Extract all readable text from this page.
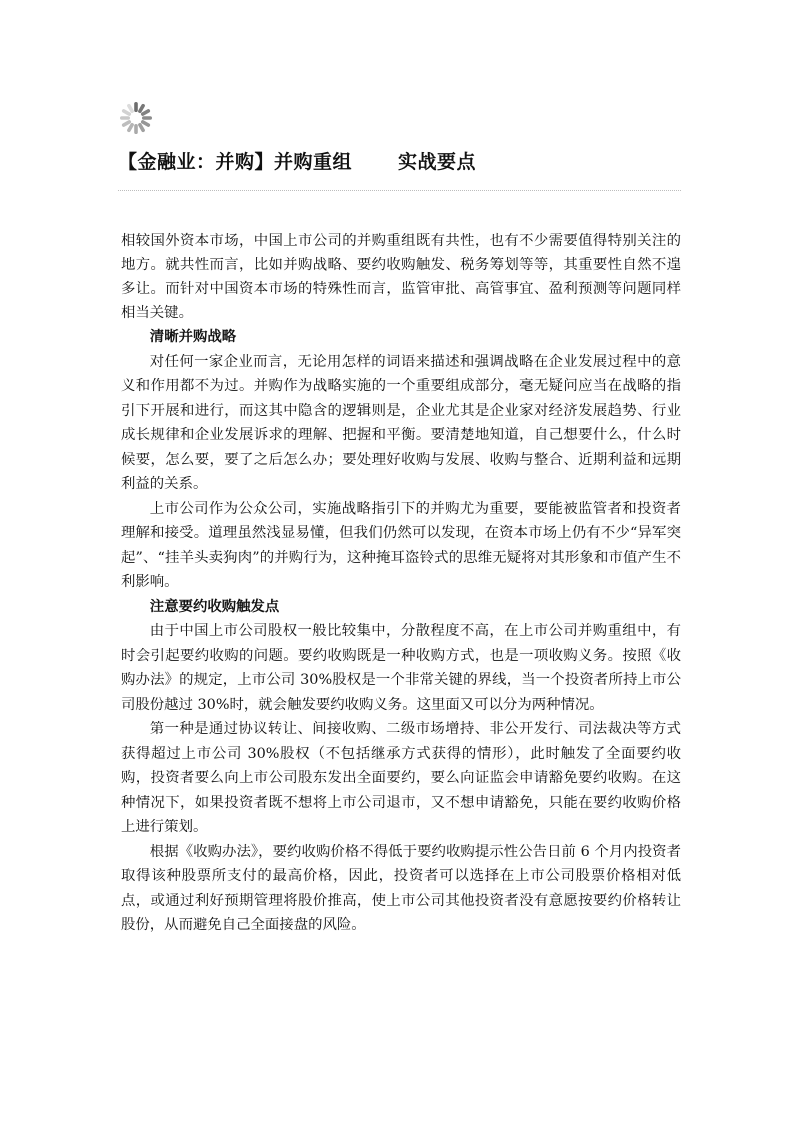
【金融业：并购】并购重组 实战要点

相较国外资本市场，中国上市公司的并购重组既有共性，也有不少需要值得特别关注的地方。就共性而言，比如并购战略、要约收购触发、税务筹划等等，其重要性自然不遑多让。而针对中国资本市场的特殊性而言，监管审批、高管事宜、盈利预测等问题同样相当关键。

清晰并购战略

对任何一家企业而言，无论用怎样的词语来描述和强调战略在企业发展过程中的意义和作用都不为过。并购作为战略实施的一个重要组成部分，毫无疑问应当在战略的指引下开展和进行，而这其中隐含的逻辑则是，企业尤其是企业家对经济发展趋势、行业成长规律和企业发展诉求的理解、把握和平衡。要清楚地知道，自己想要什么，什么时候要，怎么要，要了之后怎么办；要处理好收购与发展、收购与整合、近期利益和远期利益的关系。

上市公司作为公众公司，实施战略指引下的并购尤为重要，要能被监管者和投资者理解和接受。道理虽然浅显易懂，但我们仍然可以发现，在资本市场上仍有不少“异军突起”、“挂羊头卖狗肉”的并购行为，这种掩耳盗铃式的思维无疑将对其形象和市值产生不利影响。

注意要约收购触发点

由于中国上市公司股权一般比较集中，分散程度不高，在上市公司并购重组中，有时会引起要约收购的问题。要约收购既是一种收购方式，也是一项收购义务。按照《收购办法》的规定，上市公司 30%股权是一个非常关键的界线，当一个投资者所持上市公司股份越过 30%时，就会触发要约收购义务。这里面又可以分为两种情况。

第一种是通过协议转让、间接收购、二级市场增持、非公开发行、司法裁决等方式获得超过上市公司 30%股权（不包括继承方式获得的情形），此时触发了全面要约收购，投资者要么向上市公司股东发出全面要约，要么向证监会申请豁免要约收购。在这种情况下，如果投资者既不想将上市公司退市，又不想申请豁免，只能在要约收购价格上进行策划。

根据《收购办法》，要约收购价格不得低于要约收购提示性公告日前 6 个月内投资者取得该种股票所支付的最高价格，因此，投资者可以选择在上市公司股票价格相对低点，或通过利好预期管理将股价推高，使上市公司其他投资者没有意愿按要约价格转让股份，从而避免自己全面接盘的风险。
